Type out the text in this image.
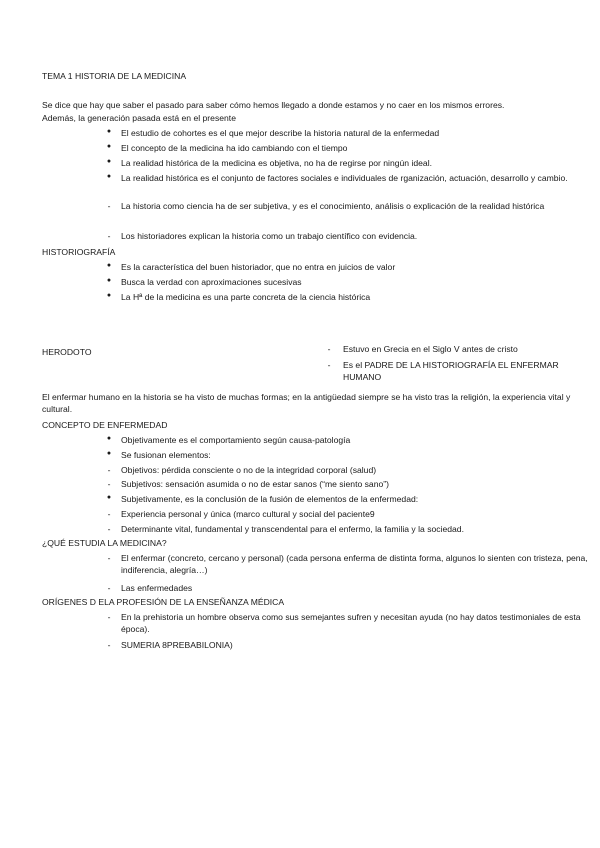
TEMA 1 HISTORIA DE LA MEDICINA
Se dice que hay que saber el pasado para saber cómo hemos llegado a donde estamos y no caer en los mismos errores.
Además, la generación pasada está en el presente
●	El estudio de cohortes es el que mejor describe la historia natural de la enfermedad
●	El concepto de la medicina ha ido cambiando con el tiempo
●	La realidad histórica de la medicina es objetiva, no ha de regirse por ningún ideal.
●	La realidad histórica es el conjunto de factores sociales e individuales de rganización, actuación, desarrollo y cambio.
-	La historia como ciencia ha de ser subjetiva, y es el conocimiento, análisis o explicación de la realidad histórica
-	Los historiadores explican la historia como un trabajo científico con evidencia.
HISTORIOGRAFÍA
●	Es la característica del buen historiador, que no entra en juicios de valor
●	Busca la verdad con aproximaciones sucesivas
●	La Hª de la medicina es una parte concreta de la ciencia histórica
HERODOTO	- Estuvo en Grecia en el Siglo V antes de cristo
- Es el PADRE DE LA HISTORIOGRAFÍA EL ENFERMAR HUMANO
El enfermar humano en la historia se ha visto de muchas formas; en la antigüedad siempre se ha visto tras la religión, la experiencia vital y cultural.
CONCEPTO DE ENFERMEDAD
●	Objetivamente es el comportamiento según causa-patología
●	Se fusionan elementos:
-	Objetivos: pérdida consciente o no de la integridad corporal (salud)
-	Subjetivos: sensación asumida o no de estar sanos (“me siento sano”)
●	Subjetivamente, es la conclusión de la fusión de elementos de la enfermedad:
-	Experiencia personal y única (marco cultural y social del paciente9
-	Determinante vital, fundamental y transcendental para el enfermo, la familia y la sociedad.
¿QUÉ ESTUDIA LA MEDICINA?
-	El enfermar (concreto, cercano y personal) (cada persona enferma de distinta forma, algunos lo sienten con tristeza, pena, indiferencia, alegría…)
-	Las enfermedades
ORÍGENES D ELA PROFESIÓN DE LA ENSEÑANZA MÉDICA
-	En la prehistoria un hombre observa como sus semejantes sufren y necesitan ayuda (no hay datos testimoniales de esta época).
-	SUMERIA 8PREBABILONIA)
